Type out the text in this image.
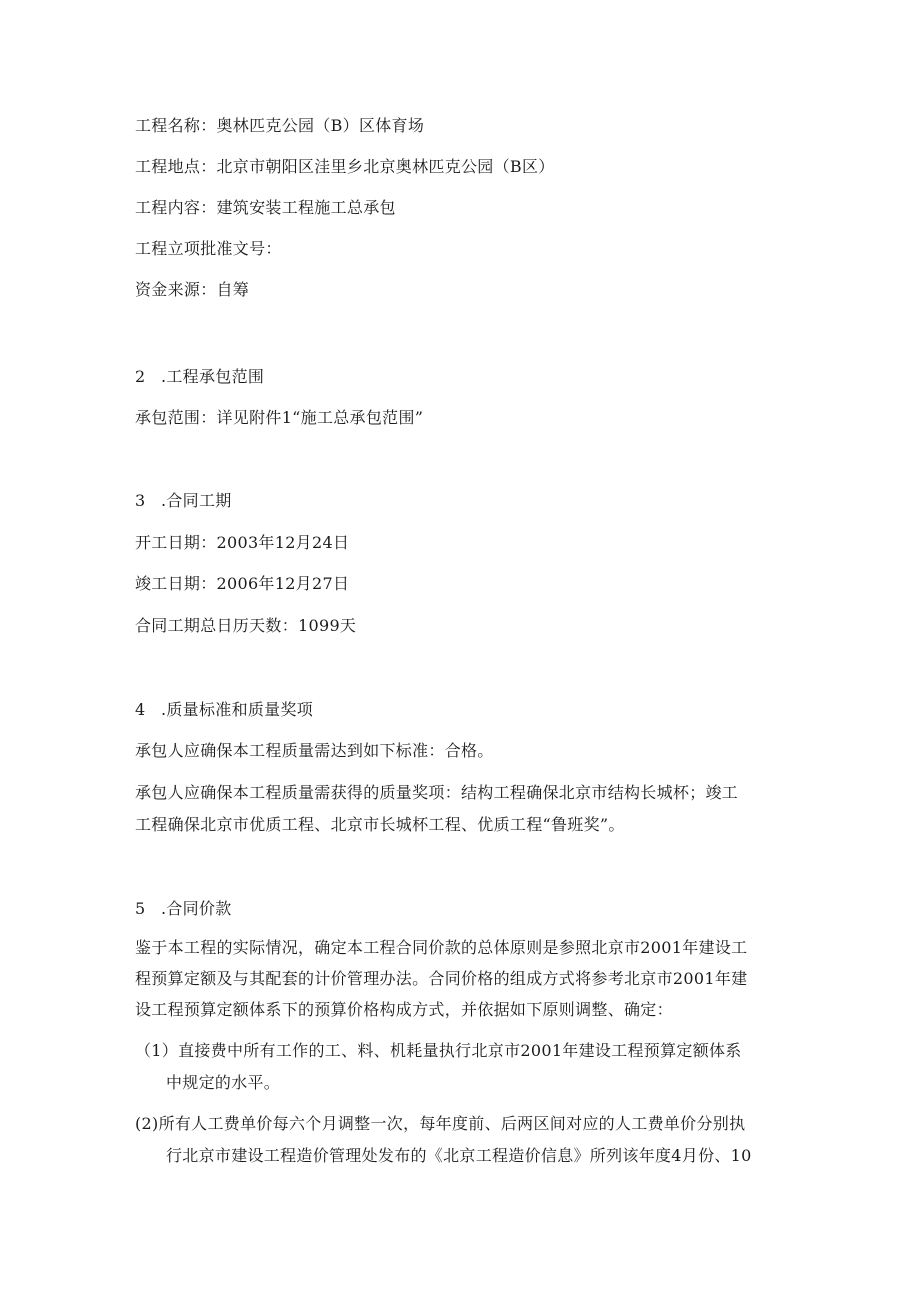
工程名称：奥林匹克公园（B）区体育场
工程地点：北京市朝阳区洼里乡北京奥林匹克公园（B区）
工程内容：建筑安装工程施工总承包
工程立项批准文号：
资金来源：自筹
2 .工程承包范围
承包范围：详见附件1“施工总承包范围”
3 .合同工期
开工日期：2003年12月24日
竣工日期：2006年12月27日
合同工期总日历天数：1099天
4 .质量标准和质量奖项
承包人应确保本工程质量需达到如下标准：合格。
承包人应确保本工程质量需获得的质量奖项：结构工程确保北京市结构长城杯；竣工
工程确保北京市优质工程、北京市长城杯工程、优质工程“鲁班奖”。
5 .合同价款
鉴于本工程的实际情况，确定本工程合同价款的总体原则是参照北京市2001年建设工
程预算定额及与其配套的计价管理办法。合同价格的组成方式将参考北京市2001年建
设工程预算定额体系下的预算价格构成方式，并依据如下原则调整、确定：
（1）直接费中所有工作的工、料、机耗量执行北京市2001年建设工程预算定额体系
中规定的水平。
(2)所有人工费单价每六个月调整一次，每年度前、后两区间对应的人工费单价分别执
行北京市建设工程造价管理处发布的《北京工程造价信息》所列该年度4月份、10
